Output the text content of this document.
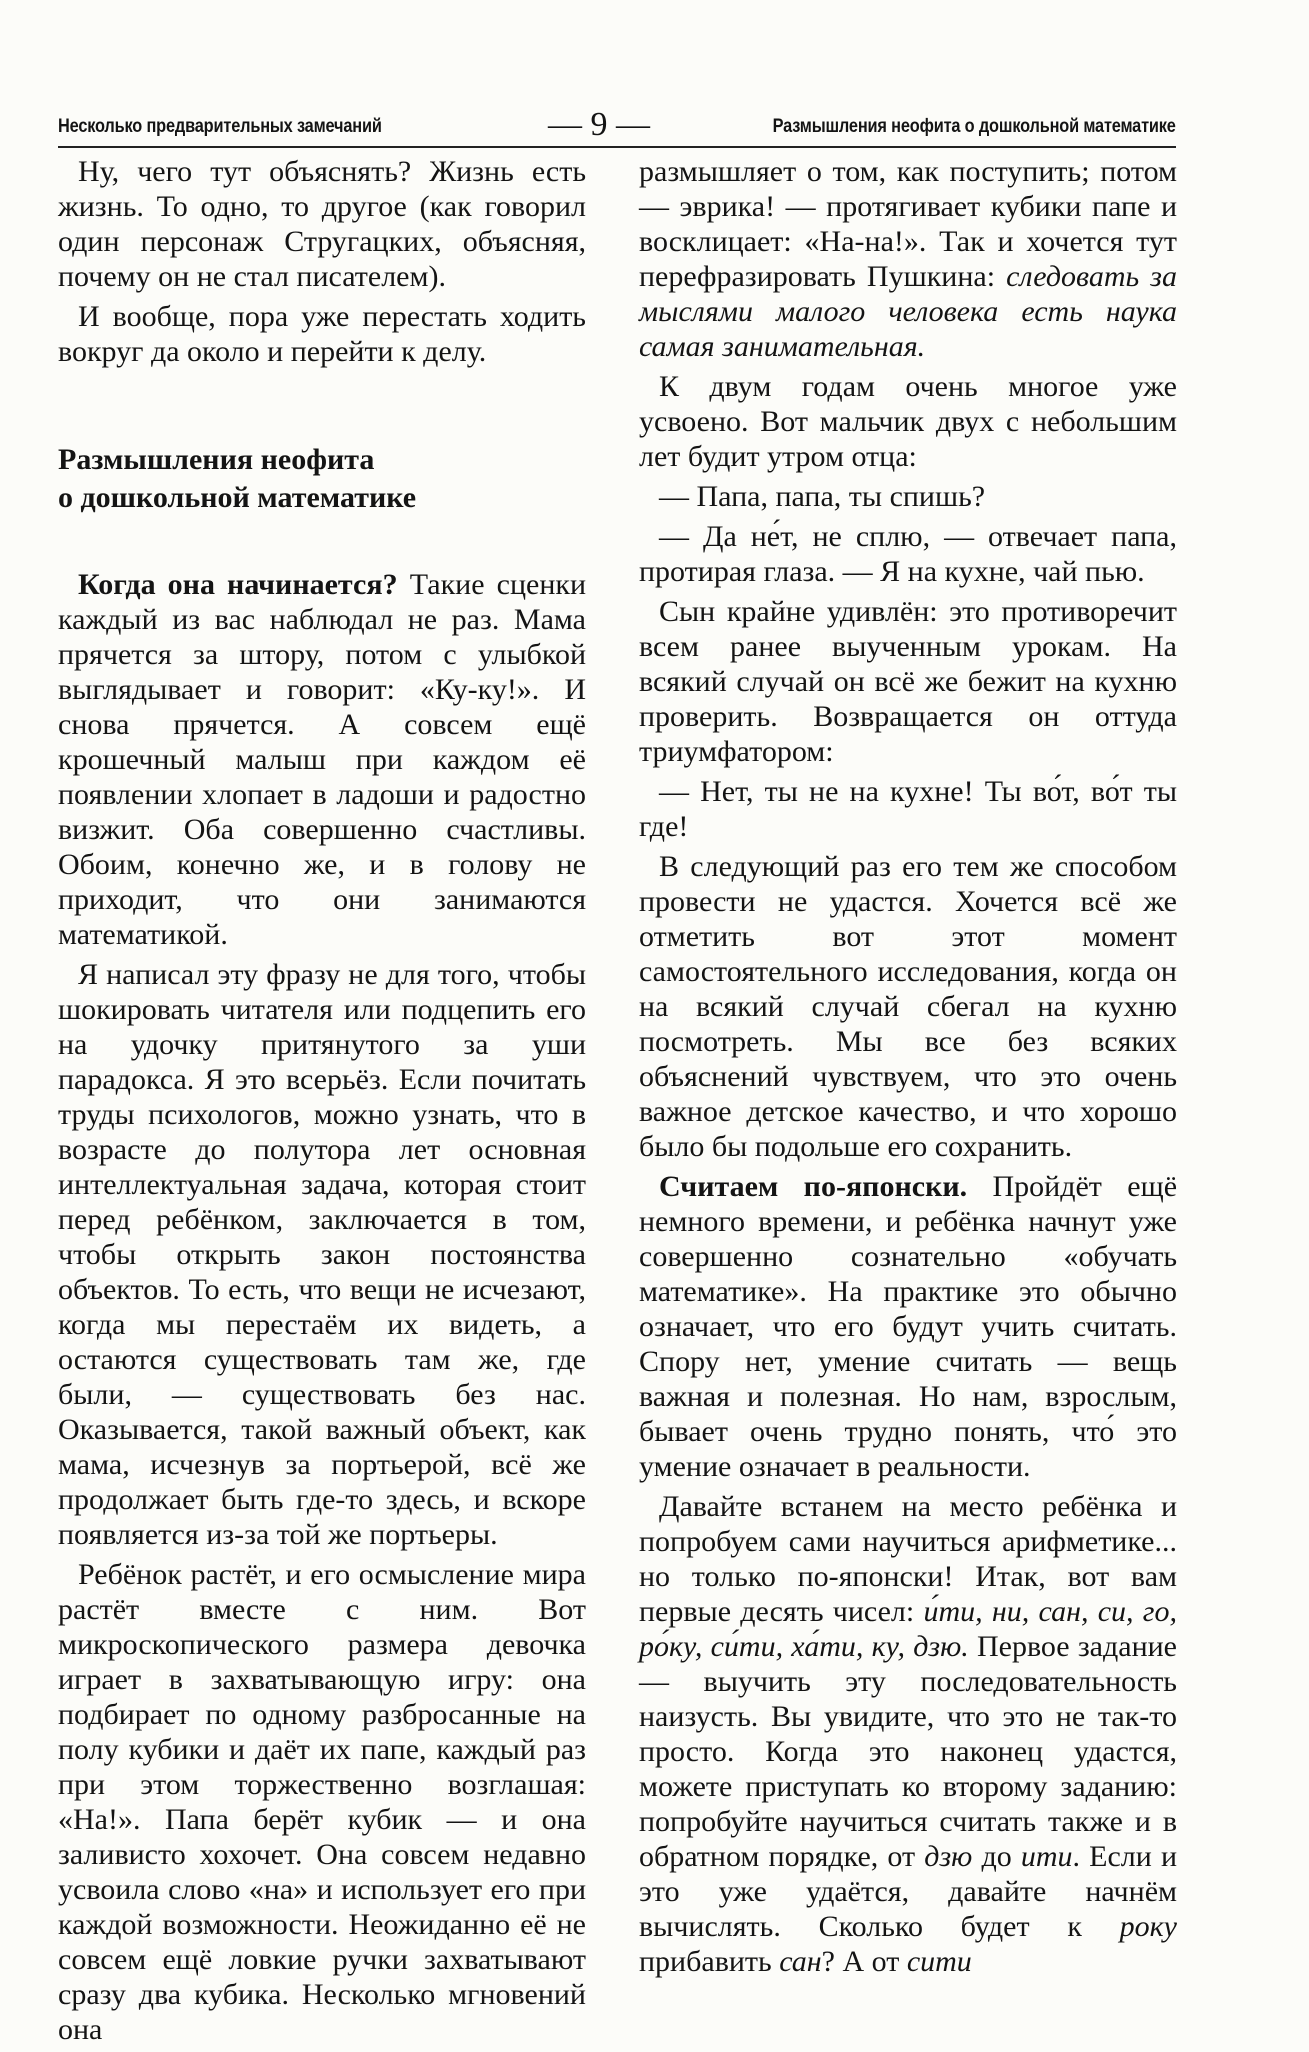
Несколько предварительных замечаний	— 9 —	Размышления неофита о дошкольной математике

Ну, чего тут объяснять? Жизнь есть жизнь. То одно, то другое (как говорил один персонаж Стругацких, объясняя, почему он не стал писателем).

И вообще, пора уже перестать ходить вокруг да около и перейти к делу.

Размышления неофита
о дошкольной математике

Когда она начинается? Такие сценки каждый из вас наблюдал не раз. Мама прячется за штору, потом с улыбкой выглядывает и говорит: «Ку-ку!». И снова прячется. А совсем ещё крошечный малыш при каждом её появлении хлопает в ладоши и радостно визжит. Оба совершенно счастливы. Обоим, конечно же, и в голову не приходит, что они занимаются математикой.

Я написал эту фразу не для того, чтобы шокировать читателя или подцепить его на удочку притянутого за уши парадокса. Я это всерьёз. Если почитать труды психологов, можно узнать, что в возрасте до полутора лет основная интеллектуальная задача, которая стоит перед ребёнком, заключается в том, чтобы открыть закон постоянства объектов. То есть, что вещи не исчезают, когда мы перестаём их видеть, а остаются существовать там же, где были, — существовать без нас. Оказывается, такой важный объект, как мама, исчезнув за портьерой, всё же продолжает быть где-то здесь, и вскоре появляется из-за той же портьеры.

Ребёнок растёт, и его осмысление мира растёт вместе с ним. Вот микроскопического размера девочка играет в захватывающую игру: она подбирает по одному разбросанные на полу кубики и даёт их папе, каждый раз при этом торжественно возглашая: «На!». Папа берёт кубик — и она заливисто хохочет. Она совсем недавно усвоила слово «на» и использует его при каждой возможности. Неожиданно её не совсем ещё ловкие ручки захватывают сразу два кубика. Несколько мгновений она

размышляет о том, как поступить; потом — эврика! — протягивает кубики папе и восклицает: «На-на!». Так и хочется тут перефразировать Пушкина: следовать за мыслями малого человека есть наука самая занимательная.

К двум годам очень многое уже усвоено. Вот мальчик двух с небольшим лет будит утром отца:

— Папа, папа, ты спишь?

— Да не́т, не сплю, — отвечает папа, протирая глаза. — Я на кухне, чай пью.

Сын крайне удивлён: это противоречит всем ранее выученным урокам. На всякий случай он всё же бежит на кухню проверить. Возвращается он оттуда триумфатором:

— Нет, ты не на кухне! Ты во́т, во́т ты где!

В следующий раз его тем же способом провести не удастся. Хочется всё же отметить вот этот момент самостоятельного исследования, когда он на всякий случай сбегал на кухню посмотреть. Мы все без всяких объяснений чувствуем, что это очень важное детское качество, и что хорошо было бы подольше его сохранить.

Считаем по-японски. Пройдёт ещё немного времени, и ребёнка начнут уже совершенно сознательно «обучать математике». На практике это обычно означает, что его будут учить считать. Спору нет, умение считать — вещь важная и полезная. Но нам, взрослым, бывает очень трудно понять, что́ это умение означает в реальности.

Давайте встанем на место ребёнка и попробуем сами научиться арифметике... но только по-японски! Итак, вот вам первые десять чисел: и́ти, ни, сан, си, го, ро́ку, си́ти, ха́ти, ку, дзю. Первое задание — выучить эту последовательность наизусть. Вы увидите, что это не так-то просто. Когда это наконец удастся, можете приступать ко второму заданию: попробуйте научиться считать также и в обратном порядке, от дзю до ити. Если и это уже удаётся, давайте начнём вычислять. Сколько будет к року прибавить сан? А от сити
